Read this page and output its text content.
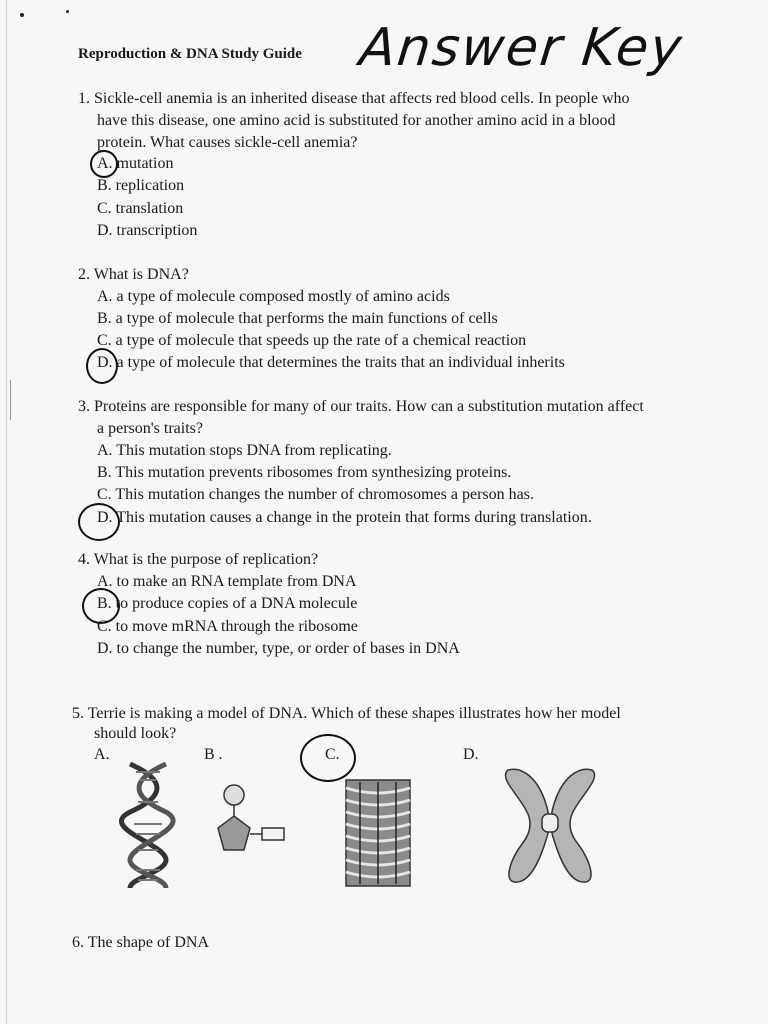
Reproduction & DNA Study Guide Answer Key
1. Sickle-cell anemia is an inherited disease that affects red blood cells. In people who
have this disease, one amino acid is substituted for another amino acid in a blood
protein. What causes sickle-cell anemia?
A. mutation
B. replication
C. translation
D. transcription
2. What is DNA?
A. a type of molecule composed mostly of amino acids
B. a type of molecule that performs the main functions of cells
C. a type of molecule that speeds up the rate of a chemical reaction
D. a type of molecule that determines the traits that an individual inherits
3. Proteins are responsible for many of our traits. How can a substitution mutation affect
a person's traits?
A. This mutation stops DNA from replicating.
B. This mutation prevents ribosomes from synthesizing proteins.
C. This mutation changes the number of chromosomes a person has.
D. This mutation causes a change in the protein that forms during translation.
4. What is the purpose of replication?
A. to make an RNA template from DNA
B. to produce copies of a DNA molecule
C. to move mRNA through the ribosome
D. to change the number, type, or order of bases in DNA
5. Terrie is making a model of DNA. Which of these shapes illustrates how her model
should look?
A.	B .	C.	D.
6. The shape of DNA
